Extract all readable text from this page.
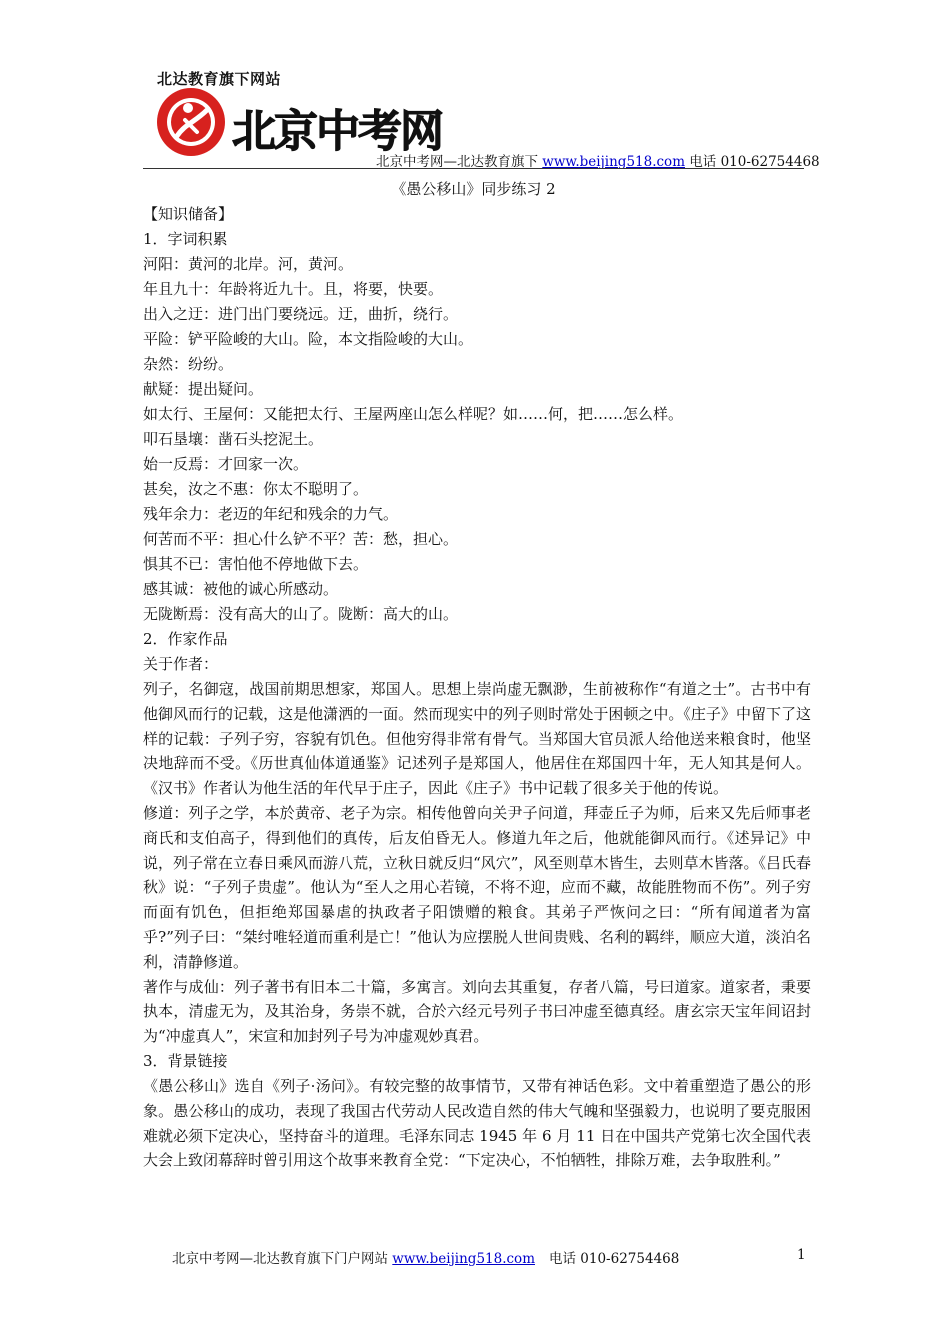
北达教育旗下网站
北京中考网
北京中考网—北达教育旗下 www.beijing518.com 电话 010-62754468
《愚公移山》同步练习 2
【知识储备】
1．字词积累
河阳：黄河的北岸。河，黄河。
年且九十：年龄将近九十。且，将要，快要。
出入之迂：进门出门要绕远。迂，曲折，绕行。
平险：铲平险峻的大山。险，本文指险峻的大山。
杂然：纷纷。
献疑：提出疑问。
如太行、王屋何：又能把太行、王屋两座山怎么样呢？如……何，把……怎么样。
叩石垦壤：凿石头挖泥土。
始一反焉：才回家一次。
甚矣，汝之不惠：你太不聪明了。
残年余力：老迈的年纪和残余的力气。
何苦而不平：担心什么铲不平？苦：愁，担心。
惧其不已：害怕他不停地做下去。
感其诚：被他的诚心所感动。
无陇断焉：没有高大的山了。陇断：高大的山。
2．作家作品
关于作者：

列子，名御寇，战国前期思想家，郑国人。思想上崇尚虚无飘渺，生前被称作“有道之士”。古书中有他御风而行的记载，这是他潇洒的一面。然而现实中的列子则时常处于困顿之中。《庄子》中留下了这样的记载：子列子穷，容貌有饥色。但他穷得非常有骨气。当郑国大官员派人给他送来粮食时，他坚决地辞而不受。《历世真仙体道通鉴》记述列子是郑国人，他居住在郑国四十年，无人知其是何人。《汉书》作者认为他生活的年代早于庄子，因此《庄子》书中记载了很多关于他的传说。

修道：列子之学，本於黄帝、老子为宗。相传他曾向关尹子问道，拜壶丘子为师，后来又先后师事老商氏和支伯高子，得到他们的真传，后友伯昏无人。修道九年之后，他就能御风而行。《述异记》中说，列子常在立春日乘风而游八荒，立秋日就反归“风穴”，风至则草木皆生，去则草木皆落。《吕氏春秋》说：“子列子贵虚”。他认为“至人之用心若镜，不将不迎，应而不藏，故能胜物而不伤”。列子穷而面有饥色，但拒绝郑国暴虐的执政者子阳馈赠的粮食。其弟子严恢问之曰：“所有闻道者为富乎?”列子曰：“桀纣唯轻道而重利是亡！”他认为应摆脱人世间贵贱、名利的羁绊，顺应大道，淡泊名利，清静修道。

著作与成仙：列子著书有旧本二十篇，多寓言。刘向去其重复，存者八篇，号曰道家。道家者，秉要执本，清虚无为，及其治身，务崇不就，合於六经元号列子书曰冲虚至德真经。唐玄宗天宝年间诏封为“冲虚真人”，宋宣和加封列子号为冲虚观妙真君。

3．背景链接

《愚公移山》选自《列子·汤问》。有较完整的故事情节，又带有神话色彩。文中着重塑造了愚公的形象。愚公移山的成功，表现了我国古代劳动人民改造自然的伟大气魄和坚强毅力，也说明了要克服困难就必须下定决心，坚持奋斗的道理。毛泽东同志 1945 年 6 月 11 日在中国共产党第七次全国代表大会上致闭幕辞时曾引用这个故事来教育全党：“下定决心，不怕牺牲，排除万难，去争取胜利。”

北京中考网—北达教育旗下门户网站 www.beijing518.com 电话 010-62754468	1
